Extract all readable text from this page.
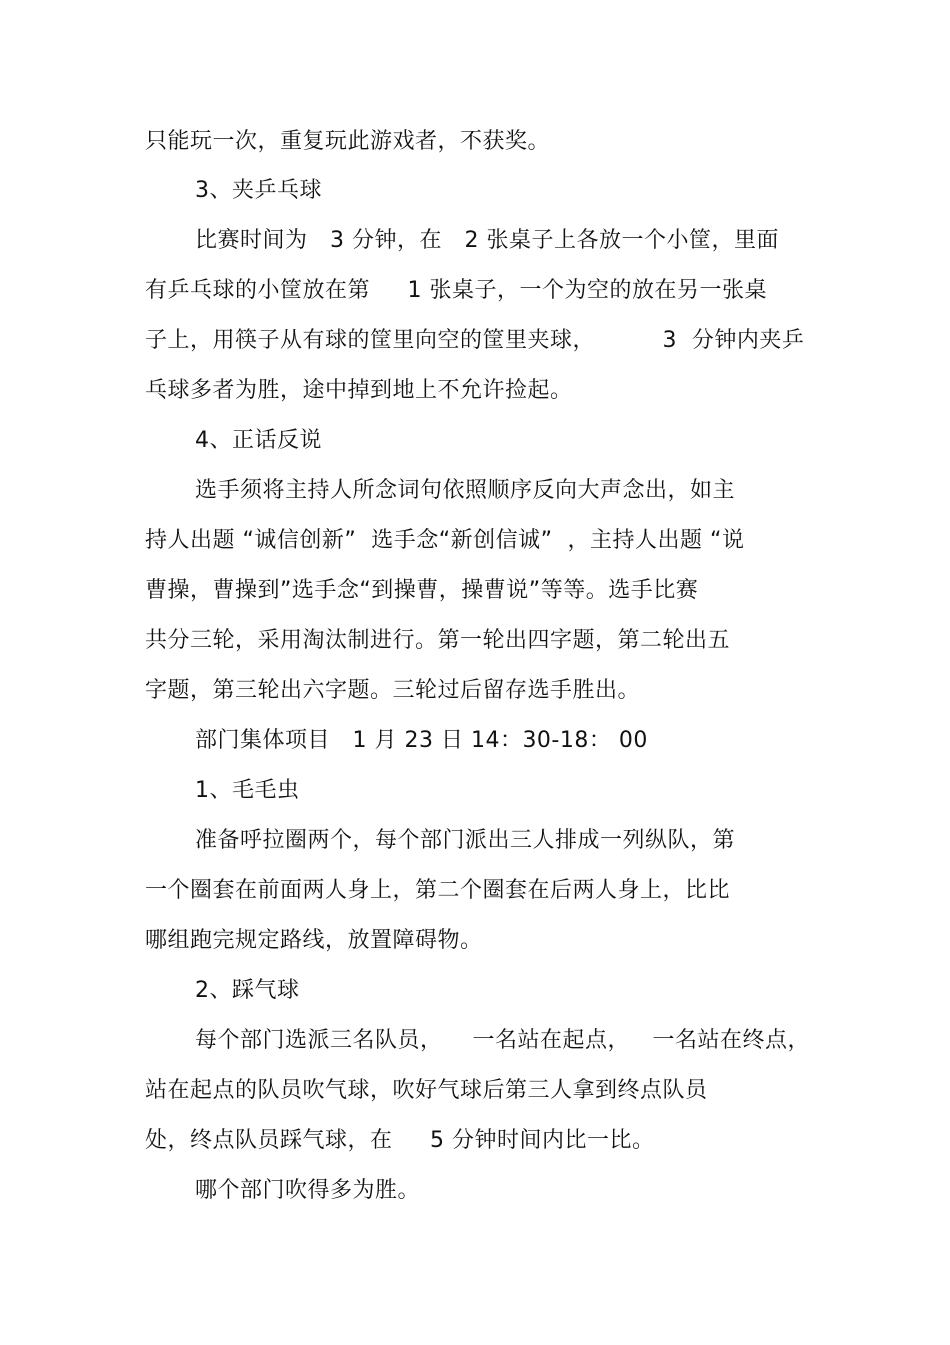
只能玩一次，重复玩此游戏者，不获奖。
3、夹乒乓球
比赛时间为   3 分钟，在   2 张桌子上各放一个小筐，里面
有乒乓球的小筐放在第     1 张桌子，一个为空的放在另一张桌
子上，用筷子从有球的筐里向空的筐里夹球，         3  分钟内夹乒
乓球多者为胜，途中掉到地上不允许捡起。
4、正话反说
选手须将主持人所念词句依照顺序反向大声念出，如主
持人出题 “诚信创新”  选手念“新创信诚”  ，主持人出题 “说
曹操，曹操到”选手念“到操曹，操曹说”等等。选手比赛
共分三轮，采用淘汰制进行。第一轮出四字题，第二轮出五
字题，第三轮出六字题。三轮过后留存选手胜出。
部门集体项目   1 月 23 日 14：30-18： 00
1、毛毛虫
准备呼拉圈两个，每个部门派出三人排成一列纵队，第
一个圈套在前面两人身上，第二个圈套在后两人身上，比比
哪组跑完规定路线，放置障碍物。
2、踩气球
每个部门选派三名队员，    一名站在起点，   一名站在终点，
站在起点的队员吹气球，吹好气球后第三人拿到终点队员
处，终点队员踩气球，在     5 分钟时间内比一比。
哪个部门吹得多为胜。
